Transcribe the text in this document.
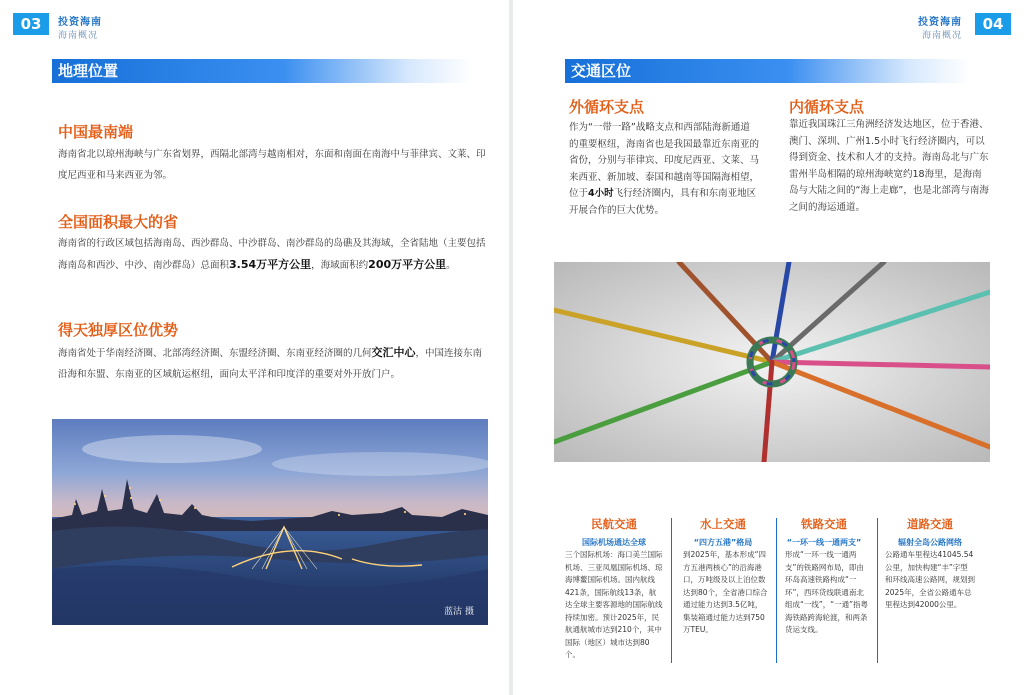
03	投资海南
海南概况
地理位置
中国最南端
海南省北以琼州海峡与广东省划界，西隔北部湾与越南相对，东面和南面在南海中与菲律宾、文莱、印度尼西亚和马来西亚为邻。
全国面积最大的省
海南省的行政区域包括海南岛、西沙群岛、中沙群岛、南沙群岛的岛礁及其海域，全省陆地（主要包括海南岛和西沙、中沙、南沙群岛）总面积3.54万平方公里，海域面积约200万平方公里。
得天独厚区位优势
海南省处于华南经济圈、北部湾经济圈、东盟经济圈、东南亚经济圈的几何交汇中心，中国连接东南沿海和东盟、东南亚的区域航运枢纽，面向太平洋和印度洋的重要对外开放门户。
蓝沽 摄
投资海南
海南概况
04
交通区位
外循环支点
作为“一带一路”战略支点和西部陆海新通道的重要枢纽，海南省也是我国最靠近东南亚的省份，分别与菲律宾、印度尼西亚、文莱、马来西亚、新加坡、泰国和越南等国隔海相望，位于4小时飞行经济圈内，具有和东南亚地区开展合作的巨大优势。
内循环支点
靠近我国珠江三角洲经济发达地区，位于香港、澳门、深圳、广州1.5小时飞行经济圈内，可以得到资金、技术和人才的支持。海南岛北与广东雷州半岛相隔的琼州海峡宽约18海里，是海南岛与大陆之间的“海上走廊”，也是北部湾与南海之间的海运通道。
民航交通
国际机场通达全球
三个国际机场：海口美兰国际机场、三亚凤凰国际机场、琼海博鳌国际机场。国内航线421条，国际航线13条，航达全球主要客源地的国际航线持续加密。预计2025年，民航通航城市达到210个，其中国际（地区）城市达到80个。
水上交通
“四方五港”格局
到2025年，基本形成“四方五港两核心”的沿海港口，万吨级及以上泊位数达到80个，全省港口综合通过能力达到3.5亿吨，集装箱通过能力达到750万TEU。
铁路交通
“一环一线一通两支”
形成“一环一线一通两支”的铁路网布局，即由环岛高速铁路构成“一环”，西环货线联通南北组成“一线”，“一通”指粤海铁路跨海轮渡，和两条货运支线。
道路交通
辐射全岛公路网络
公路通车里程达41045.54公里，加快构建“丰”字型和环线高速公路网，规划到2025年，全省公路通车总里程达到42000公里。
